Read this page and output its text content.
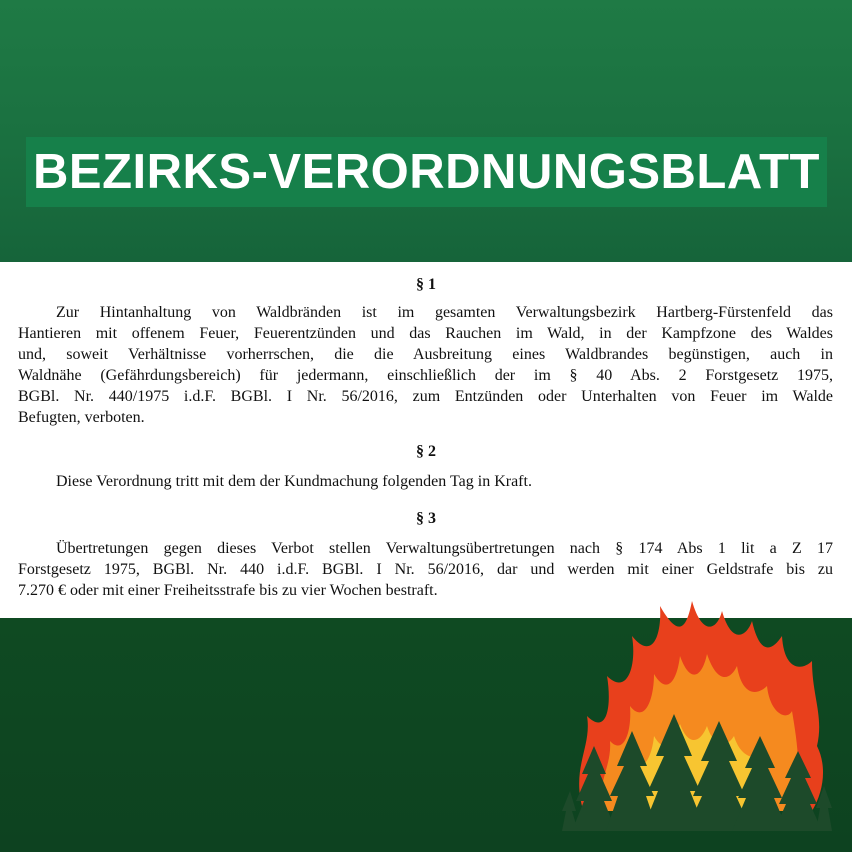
BEZIRKS-VERORDNUNGSBLATT
§ 1
Zur Hintanhaltung von Waldbränden ist im gesamten Verwaltungsbezirk Hartberg-Fürstenfeld das
Hantieren mit offenem Feuer, Feuerentzünden und das Rauchen im Wald, in der Kampfzone des Waldes
und, soweit Verhältnisse vorherrschen, die die Ausbreitung eines Waldbrandes begünstigen, auch in
Waldnähe (Gefährdungsbereich) für jedermann, einschließlich der im § 40 Abs. 2 Forstgesetz 1975,
BGBl. Nr. 440/1975 i.d.F. BGBl. I Nr. 56/2016, zum Entzünden oder Unterhalten von Feuer im Walde
Befugten, verboten.
§ 2
Diese Verordnung tritt mit dem der Kundmachung folgenden Tag in Kraft.
§ 3
Übertretungen gegen dieses Verbot stellen Verwaltungsübertretungen nach § 174 Abs 1 lit a Z 17
Forstgesetz 1975, BGBl. Nr. 440 i.d.F. BGBl. I Nr. 56/2016, dar und werden mit einer Geldstrafe bis zu
7.270 € oder mit einer Freiheitsstrafe bis zu vier Wochen bestraft.
